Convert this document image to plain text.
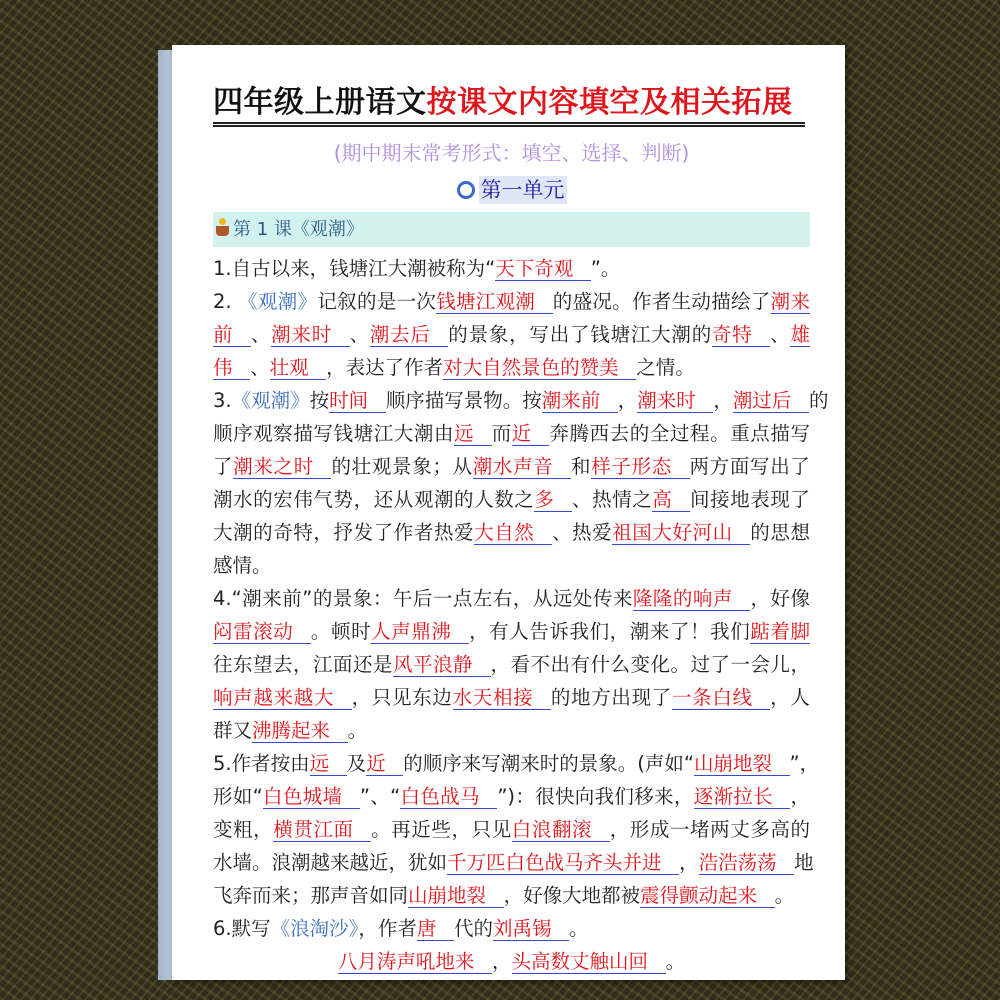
四年级上册语文按课文内容填空及相关拓展
(期中期末常考形式：填空、选择、判断)
第一单元
第 1 课《观潮》
1.自古以来，钱塘江大潮被称为“天下奇观 ”。
2. 《观潮》记叙的是一次钱塘江观潮 的盛况。作者生动描绘了潮来
前 、潮来时 、潮去后 的景象，写出了钱塘江大潮的奇特 、雄
伟 、壮观 ，表达了作者对大自然景色的赞美 之情。
3.《观潮》按时间 顺序描写景物。按潮来前 ，潮来时 ，潮过后 的
顺序观察描写钱塘江大潮由远 而近 奔腾西去的全过程。重点描写
了潮来之时 的壮观景象；从潮水声音 和样子形态 两方面写出了
潮水的宏伟气势，还从观潮的人数之多 、热情之高 间接地表现了
大潮的奇特，抒发了作者热爱大自然 、热爱祖国大好河山 的思想
感情。
4.“潮来前”的景象：午后一点左右，从远处传来隆隆的响声 ，好像
闷雷滚动 。顿时人声鼎沸 ，有人告诉我们，潮来了！我们踮着脚
往东望去，江面还是风平浪静 ，看不出有什么变化。过了一会儿，
响声越来越大 ，只见东边水天相接 的地方出现了一条白线 ，人
群又沸腾起来 。
5.作者按由远 及近 的顺序来写潮来时的景象。(声如“山崩地裂 ”，
形如“白色城墙 ”、“白色战马 ”)：很快向我们移来，逐渐拉长 ，
变粗，横贯江面 。再近些，只见白浪翻滚 ，形成一堵两丈多高的
水墙。浪潮越来越近，犹如千万匹白色战马齐头并进 ，浩浩荡荡 地
飞奔而来；那声音如同山崩地裂 ，好像大地都被震得颤动起来 。
6.默写《浪淘沙》，作者唐 代的刘禹锡 。
八月涛声吼地来 ，头高数丈触山回 。
